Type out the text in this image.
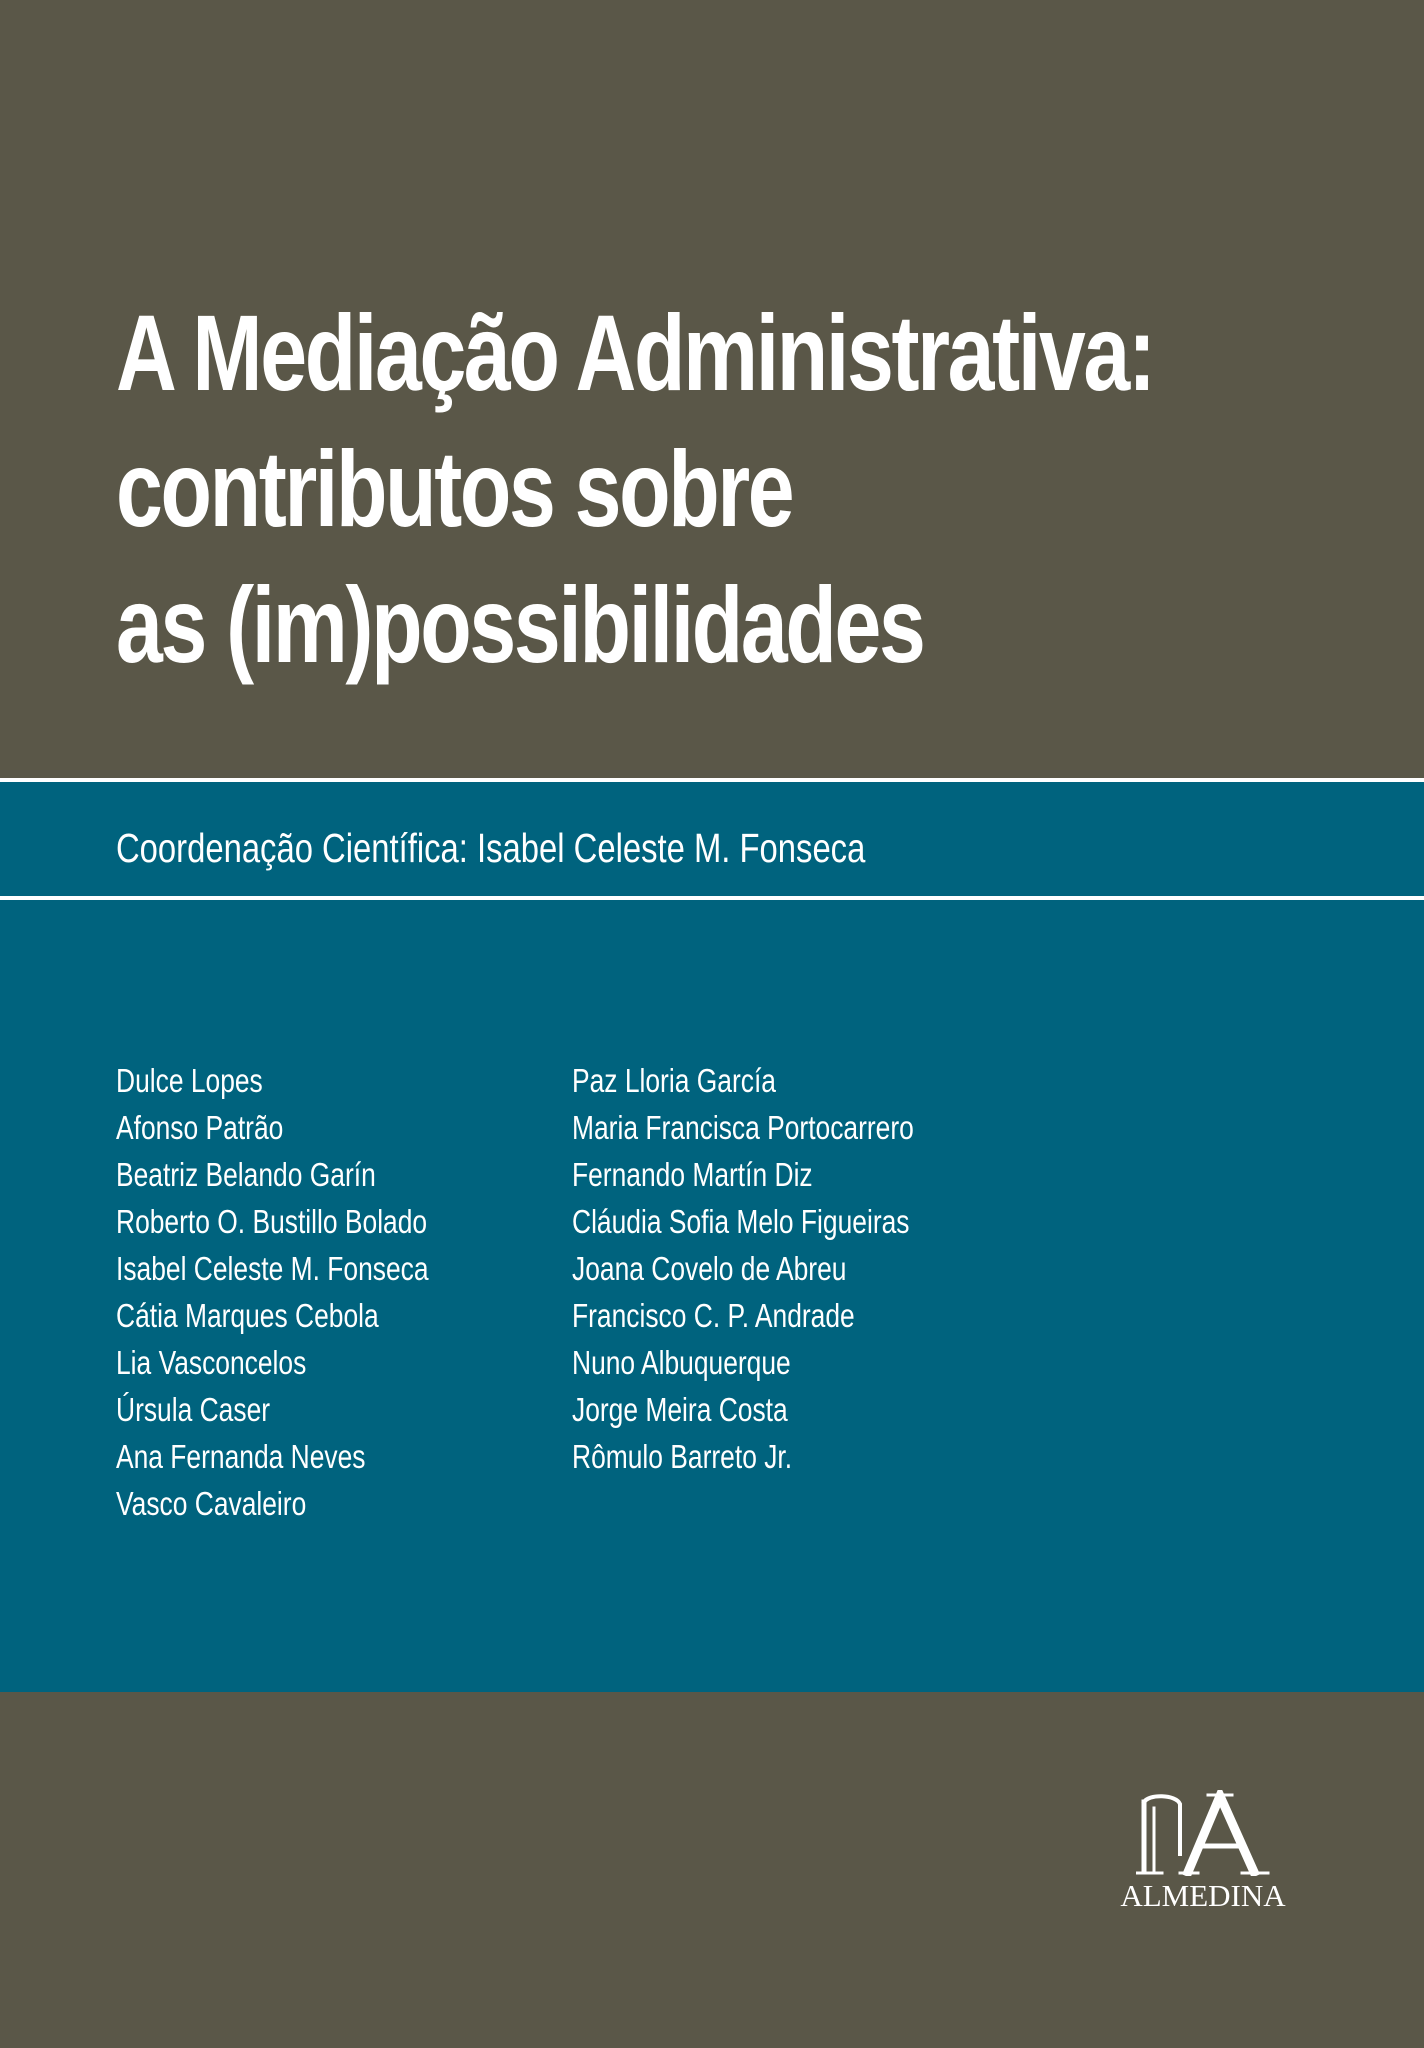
A Mediação Administrativa:
contributos sobre
as (im)possibilidades
Coordenação Científica: Isabel Celeste M. Fonseca
Dulce Lopes
Afonso Patrão
Beatriz Belando Garín
Roberto O. Bustillo Bolado
Isabel Celeste M. Fonseca
Cátia Marques Cebola
Lia Vasconcelos
Úrsula Caser
Ana Fernanda Neves
Vasco Cavaleiro
Paz Lloria García
Maria Francisca Portocarrero
Fernando Martín Diz
Cláudia Sofia Melo Figueiras
Joana Covelo de Abreu
Francisco C. P. Andrade
Nuno Albuquerque
Jorge Meira Costa
Rômulo Barreto Jr.
ALMEDINA
